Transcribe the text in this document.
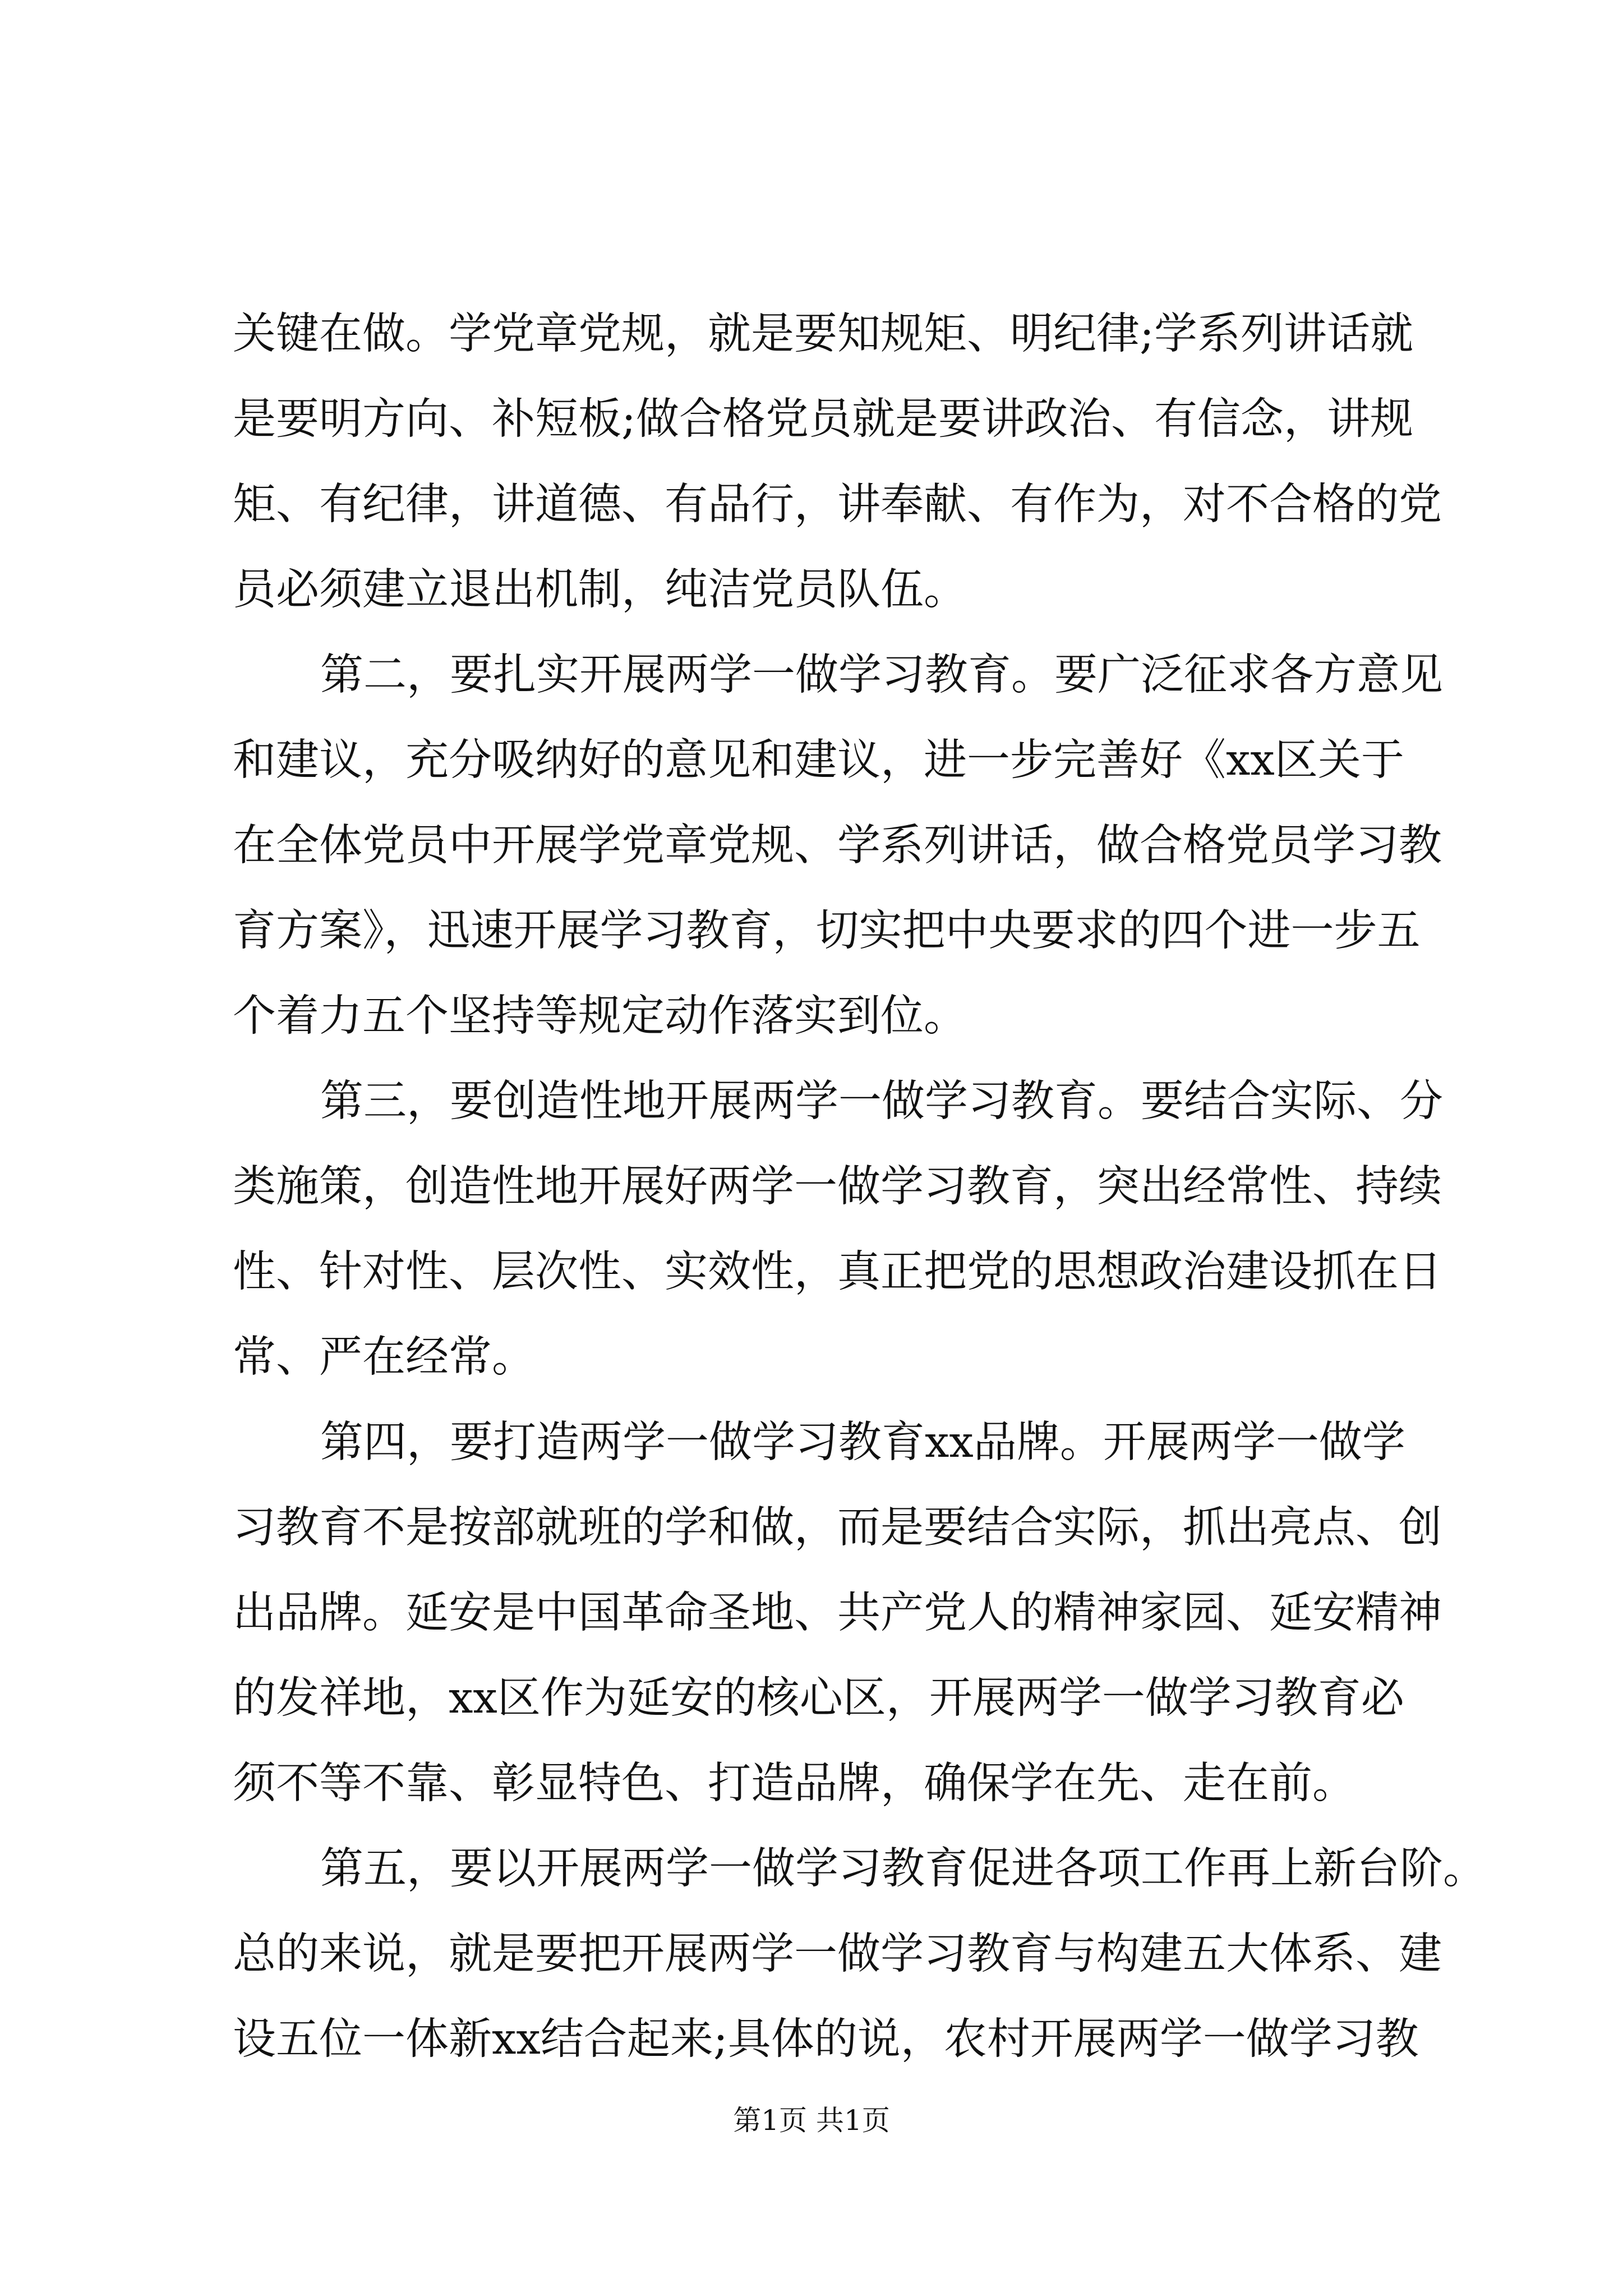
关键在做。学党章党规，就是要知规矩、明纪律;学系列讲话就
是要明方向、补短板;做合格党员就是要讲政治、有信念，讲规
矩、有纪律，讲道德、有品行，讲奉献、有作为，对不合格的党
员必须建立退出机制，纯洁党员队伍。
第二，要扎实开展两学一做学习教育。要广泛征求各方意见
和建议，充分吸纳好的意见和建议，进一步完善好《xx区关于
在全体党员中开展学党章党规、学系列讲话，做合格党员学习教
育方案》，迅速开展学习教育，切实把中央要求的四个进一步五
个着力五个坚持等规定动作落实到位。
第三，要创造性地开展两学一做学习教育。要结合实际、分
类施策，创造性地开展好两学一做学习教育，突出经常性、持续
性、针对性、层次性、实效性，真正把党的思想政治建设抓在日
常、严在经常。
第四，要打造两学一做学习教育xx品牌。开展两学一做学
习教育不是按部就班的学和做，而是要结合实际，抓出亮点、创
出品牌。延安是中国革命圣地、共产党人的精神家园、延安精神
的发祥地，xx区作为延安的核心区，开展两学一做学习教育必
须不等不靠、彰显特色、打造品牌，确保学在先、走在前。
第五，要以开展两学一做学习教育促进各项工作再上新台阶。
总的来说，就是要把开展两学一做学习教育与构建五大体系、建
设五位一体新xx结合起来;具体的说，农村开展两学一做学习教
第1页 共1页
